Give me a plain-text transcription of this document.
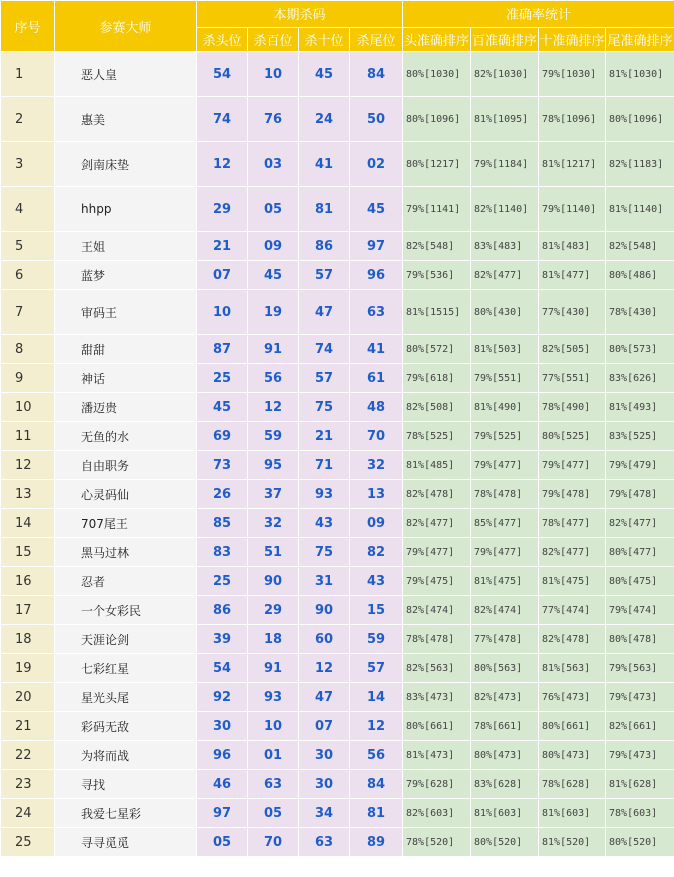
序号	参赛大师	本期杀码				准确率统计			
		杀头位	杀百位	杀十位	杀尾位	头准确排序	百准确排序	十准确排序	尾准确排序
1	恶人皇	54	10	45	84	80%[1030]	82%[1030]	79%[1030]	81%[1030]
2	惠美	74	76	24	50	80%[1096]	81%[1095]	78%[1096]	80%[1096]
3	剑南床垫	12	03	41	02	80%[1217]	79%[1184]	81%[1217]	82%[1183]
4	hhpp	29	05	81	45	79%[1141]	82%[1140]	79%[1140]	81%[1140]
5	王姐	21	09	86	97	82%[548]	83%[483]	81%[483]	82%[548]
6	蓝梦	07	45	57	96	79%[536]	82%[477]	81%[477]	80%[486]
7	审码王	10	19	47	63	81%[1515]	80%[430]	77%[430]	78%[430]
8	甜甜	87	91	74	41	80%[572]	81%[503]	82%[505]	80%[573]
9	神话	25	56	57	61	79%[618]	79%[551]	77%[551]	83%[626]
10	潘迈贵	45	12	75	48	82%[508]	81%[490]	78%[490]	81%[493]
11	无鱼的水	69	59	21	70	78%[525]	79%[525]	80%[525]	83%[525]
12	自由职务	73	95	71	32	81%[485]	79%[477]	79%[477]	79%[479]
13	心灵码仙	26	37	93	13	82%[478]	78%[478]	79%[478]	79%[478]
14	707尾王	85	32	43	09	82%[477]	85%[477]	78%[477]	82%[477]
15	黑马过林	83	51	75	82	79%[477]	79%[477]	82%[477]	80%[477]
16	忍者	25	90	31	43	79%[475]	81%[475]	81%[475]	80%[475]
17	一个女彩民	86	29	90	15	82%[474]	82%[474]	77%[474]	79%[474]
18	天涯论剑	39	18	60	59	78%[478]	77%[478]	82%[478]	80%[478]
19	七彩红星	54	91	12	57	82%[563]	80%[563]	81%[563]	79%[563]
20	星光头尾	92	93	47	14	83%[473]	82%[473]	76%[473]	79%[473]
21	彩码无敌	30	10	07	12	80%[661]	78%[661]	80%[661]	82%[661]
22	为将而战	96	01	30	56	81%[473]	80%[473]	80%[473]	79%[473]
23	寻找	46	63	30	84	79%[628]	83%[628]	78%[628]	81%[628]
24	我爱七星彩	97	05	34	81	82%[603]	81%[603]	81%[603]	78%[603]
25	寻寻觅觅	05	70	63	89	78%[520]	80%[520]	81%[520]	80%[520]
